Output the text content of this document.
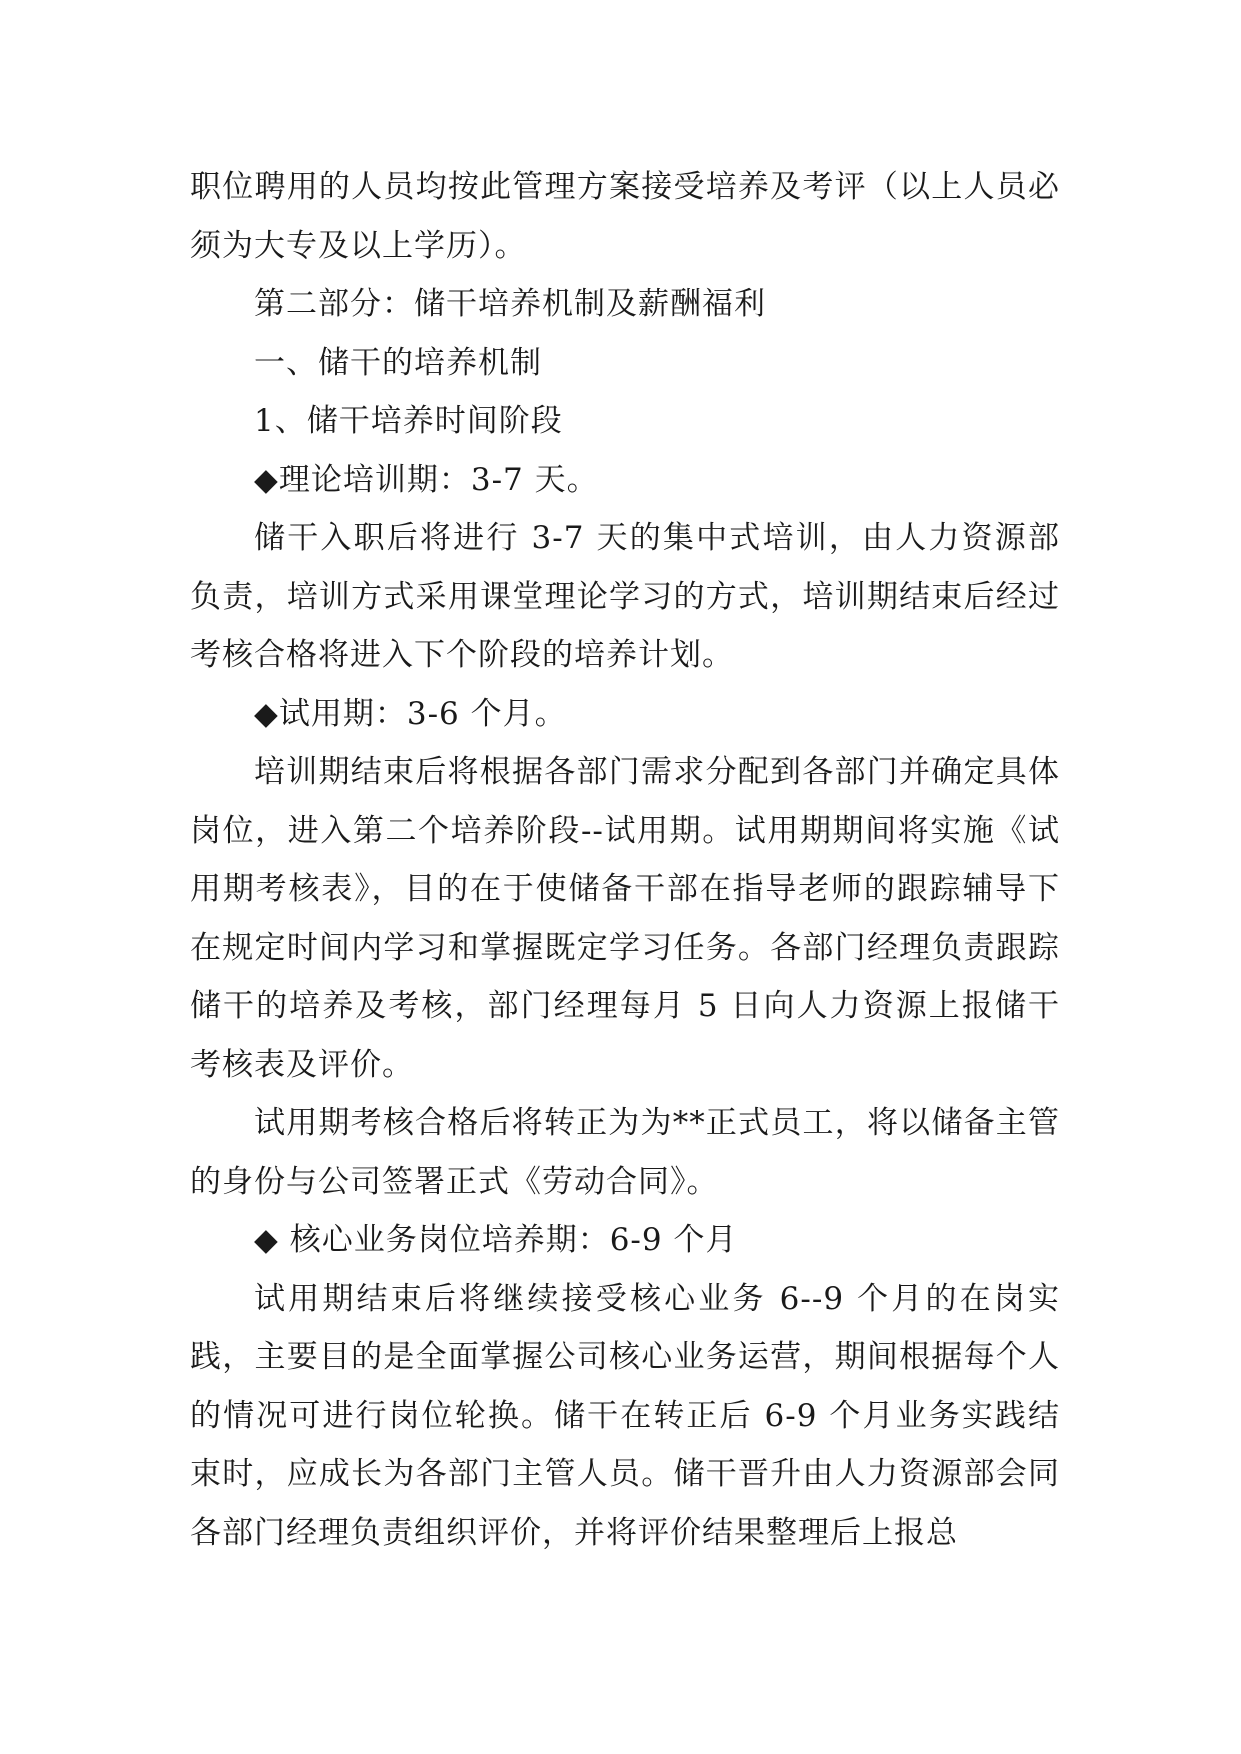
职位聘用的人员均按此管理方案接受培养及考评（以上人员必须为大专及以上学历）。

第二部分：储干培养机制及薪酬福利

一、储干的培养机制

1、储干培养时间阶段

◆理论培训期：3-7 天。

储干入职后将进行 3-7 天的集中式培训，由人力资源部负责，培训方式采用课堂理论学习的方式，培训期结束后经过考核合格将进入下个阶段的培养计划。

◆试用期：3-6 个月。

培训期结束后将根据各部门需求分配到各部门并确定具体岗位，进入第二个培养阶段--试用期。试用期期间将实施《试用期考核表》，目的在于使储备干部在指导老师的跟踪辅导下在规定时间内学习和掌握既定学习任务。各部门经理负责跟踪储干的培养及考核，部门经理每月 5 日向人力资源上报储干考核表及评价。

试用期考核合格后将转正为为**正式员工，将以储备主管的身份与公司签署正式《劳动合同》。

◆ 核心业务岗位培养期：6-9 个月

试用期结束后将继续接受核心业务 6--9 个月的在岗实践，主要目的是全面掌握公司核心业务运营，期间根据每个人的情况可进行岗位轮换。储干在转正后 6-9 个月业务实践结束时，应成长为各部门主管人员。储干晋升由人力资源部会同各部门经理负责组织评价，并将评价结果整理后上报总
